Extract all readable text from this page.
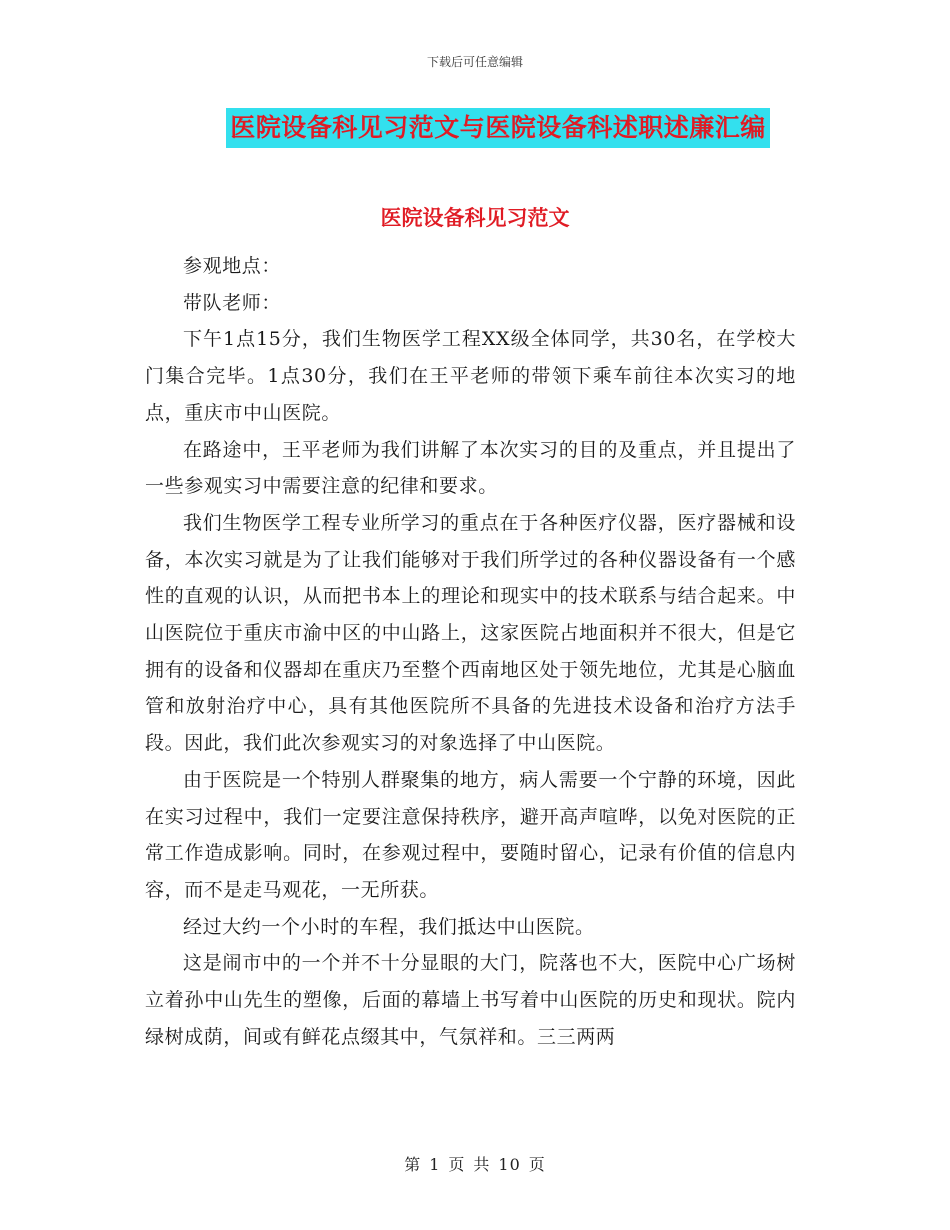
下载后可任意编辑
医院设备科见习范文与医院设备科述职述廉汇编
医院设备科见习范文

参观地点：

带队老师：

下午1点15分，我们生物医学工程XX级全体同学，共30名，在学校大门集合完毕。1点30分，我们在王平老师的带领下乘车前往本次实习的地点，重庆市中山医院。

在路途中，王平老师为我们讲解了本次实习的目的及重点，并且提出了一些参观实习中需要注意的纪律和要求。

我们生物医学工程专业所学习的重点在于各种医疗仪器，医疗器械和设备，本次实习就是为了让我们能够对于我们所学过的各种仪器设备有一个感性的直观的认识，从而把书本上的理论和现实中的技术联系与结合起来。中山医院位于重庆市渝中区的中山路上，这家医院占地面积并不很大，但是它拥有的设备和仪器却在重庆乃至整个西南地区处于领先地位，尤其是心脑血管和放射治疗中心，具有其他医院所不具备的先进技术设备和治疗方法手段。因此，我们此次参观实习的对象选择了中山医院。

由于医院是一个特别人群聚集的地方，病人需要一个宁静的环境，因此在实习过程中，我们一定要注意保持秩序，避开高声喧哗，以免对医院的正常工作造成影响。同时，在参观过程中，要随时留心，记录有价值的信息内容，而不是走马观花，一无所获。

经过大约一个小时的车程，我们抵达中山医院。

这是闹市中的一个并不十分显眼的大门，院落也不大，医院中心广场树立着孙中山先生的塑像，后面的幕墙上书写着中山医院的历史和现状。院内绿树成荫，间或有鲜花点缀其中，气氛祥和。三三两两

第 1 页 共 10 页
